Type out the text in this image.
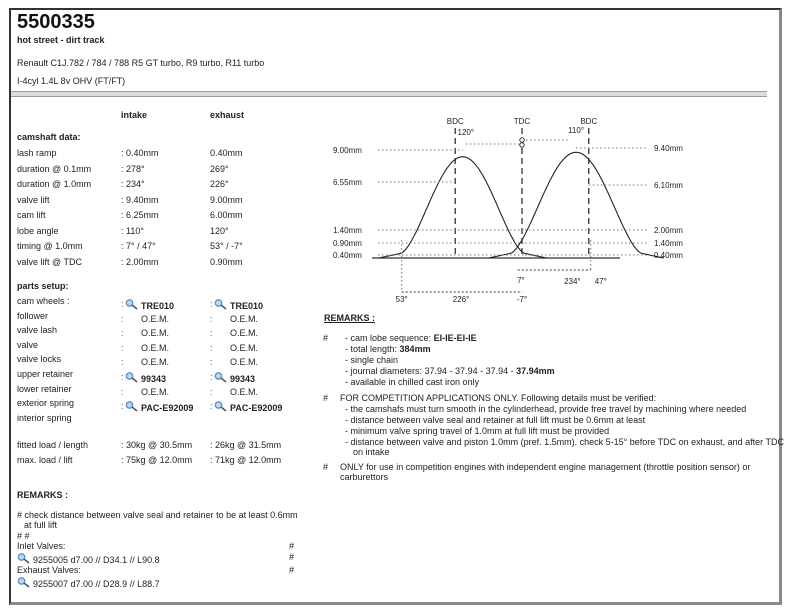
5500335
hot street - dirt track
Renault C1J.782 / 784 / 788 R5 GT turbo, R9 turbo, R11 turbo
I-4cyl 1.4L 8v OHV (FT/FT)
intake	exhaust
camshaft data:
lash ramp	: 0.40mm	0.40mm
duration @ 0.1mm	: 278°	269°
duration @ 1.0mm	: 234°	226°
valve lift	: 9.40mm	9.00mm
cam lift	: 6.25mm	6.00mm
lobe angle	: 110°	120°
timing @ 1.0mm	: 7° / 47°	53° / -7°
valve lift @ TDC	: 2.00mm	0.90mm
parts setup:
cam wheels :	:	TRE010	:	TRE010
follower	: O.E.M.	: O.E.M.
valve lash	: O.E.M.	: O.E.M.
valve	: O.E.M.	: O.E.M.
valve locks	: O.E.M.	: O.E.M.
upper retainer	:	99343	:	99343
lower retainer	: O.E.M.	: O.E.M.
exterior spring	:	PAC-E92009 :	PAC-E92009
interior spring
fitted load / length	: 30kg @ 30.5mm : 26kg @ 31.5mm
max. load / lift	: 75kg @ 12.0mm : 71kg @ 12.0mm
REMARKS :
# check distance between valve seal and retainer to be at least 0.6mm
at full lift
# #
Inlet Valves:	#
9255005 d7.00 // D34.1 // L90.8	#
Exhaust Valves:	#
9255007 d7.00 // D28.9 // L88.7
BDC	TDC	BDC
9.00mm
6.55mm
1.40mm
0.90mm
0.40mm
9.40mm
6.10mm
2.00mm
1.40mm
0.40mm
120°	110°
7°	234° 47°
53°	226°	-7°
REMARKS :
# - cam lobe sequence: EI-IE-EI-IE
- total length: 384mm
- single chain
- journal diameters: 37.94 - 37.94 - 37.94 - 37.94mm
- available in chilled cast iron only
# FOR COMPETITION APPLICATIONS ONLY. Following details must be verified:
- the camshafs must turn smooth in the cylinderhead, provide free travel by machining where needed
- distance between valve seal and retainer at full lift must be 0.6mm at least
- minimum valve spring travel of 1.0mm at full lift must be provided
- distance between valve and piston 1.0mm (pref. 1.5mm). check 5-15° before TDC on exhaust, and after TDC
on intake
# ONLY for use in competition engines with independent engine management (throttle position sensor) or
carburettors
